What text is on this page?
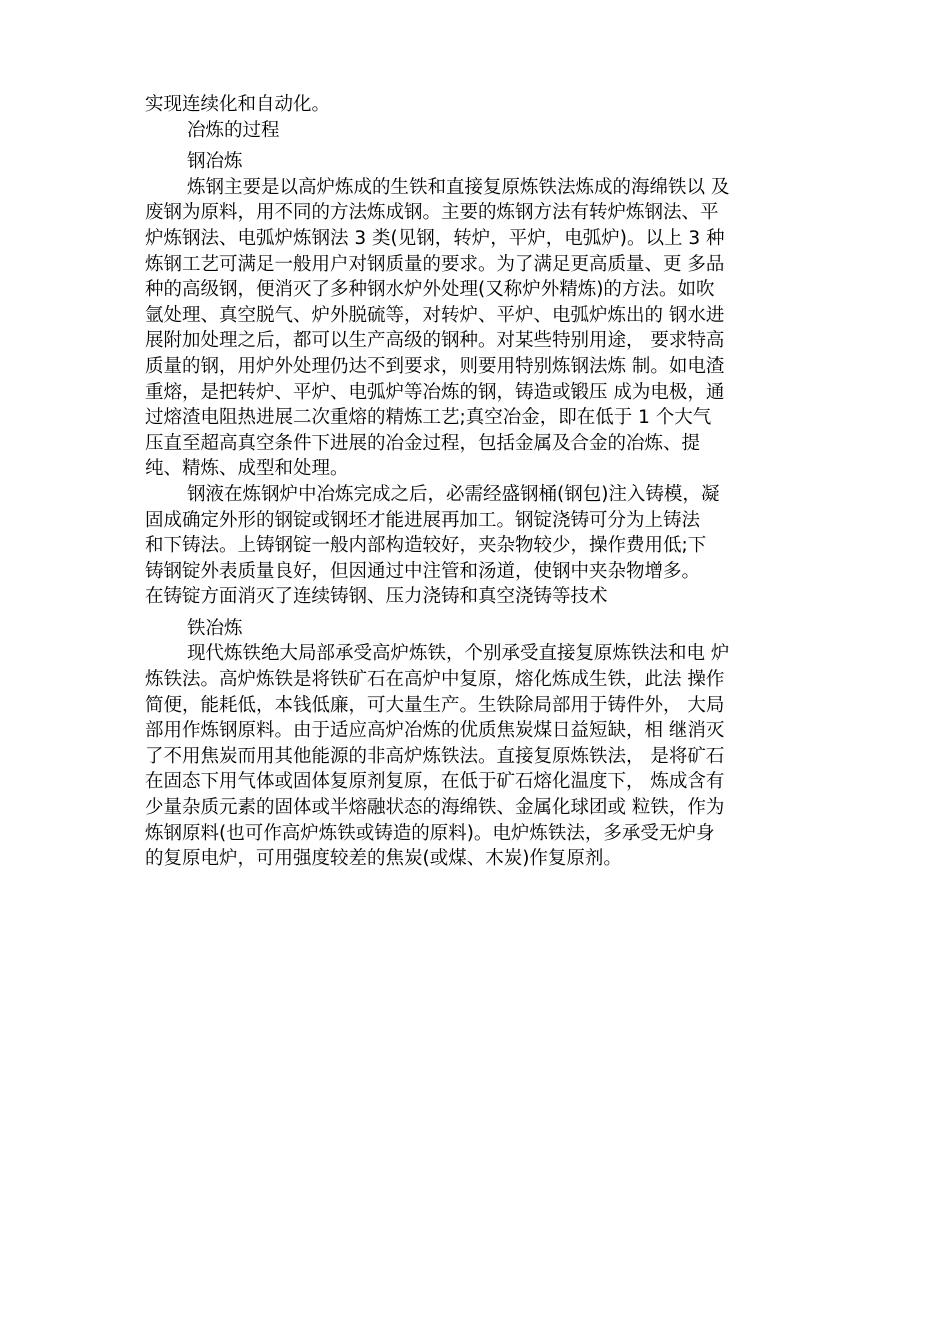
实现连续化和自动化。
冶炼的过程
钢冶炼
炼钢主要是以高炉炼成的生铁和直接复原炼铁法炼成的海绵铁以 及
废钢为原料，用不同的方法炼成钢。主要的炼钢方法有转炉炼钢法、平
炉炼钢法、电弧炉炼钢法 3 类(见钢，转炉，平炉，电弧炉)。以上 3 种
炼钢工艺可满足一般用户对钢质量的要求。为了满足更高质量、更 多品
种的高级钢，便消灭了多种钢水炉外处理(又称炉外精炼)的方法。如吹
氩处理、真空脱气、炉外脱硫等，对转炉、平炉、电弧炉炼出的 钢水进
展附加处理之后，都可以生产高级的钢种。对某些特别用途， 要求特高
质量的钢，用炉外处理仍达不到要求，则要用特别炼钢法炼 制。如电渣
重熔，是把转炉、平炉、电弧炉等冶炼的钢，铸造或锻压 成为电极，通
过熔渣电阻热进展二次重熔的精炼工艺;真空冶金，即在低于 1 个大气
压直至超高真空条件下进展的冶金过程，包括金属及合金的冶炼、提
纯、精炼、成型和处理。
钢液在炼钢炉中冶炼完成之后，必需经盛钢桶(钢包)注入铸模，凝
固成确定外形的钢锭或钢坯才能进展再加工。钢锭浇铸可分为上铸法
和下铸法。上铸钢锭一般内部构造较好，夹杂物较少，操作费用低;下
铸钢锭外表质量良好，但因通过中注管和汤道，使钢中夹杂物增多。
在铸锭方面消灭了连续铸钢、压力浇铸和真空浇铸等技术
铁冶炼
现代炼铁绝大局部承受高炉炼铁，个别承受直接复原炼铁法和电 炉
炼铁法。高炉炼铁是将铁矿石在高炉中复原，熔化炼成生铁，此法 操作
简便，能耗低，本钱低廉，可大量生产。生铁除局部用于铸件外， 大局
部用作炼钢原料。由于适应高炉冶炼的优质焦炭煤日益短缺，相 继消灭
了不用焦炭而用其他能源的非高炉炼铁法。直接复原炼铁法， 是将矿石
在固态下用气体或固体复原剂复原，在低于矿石熔化温度下， 炼成含有
少量杂质元素的固体或半熔融状态的海绵铁、金属化球团或 粒铁，作为
炼钢原料(也可作高炉炼铁或铸造的原料)。电炉炼铁法，多承受无炉身
的复原电炉，可用强度较差的焦炭(或煤、木炭)作复原剂。
